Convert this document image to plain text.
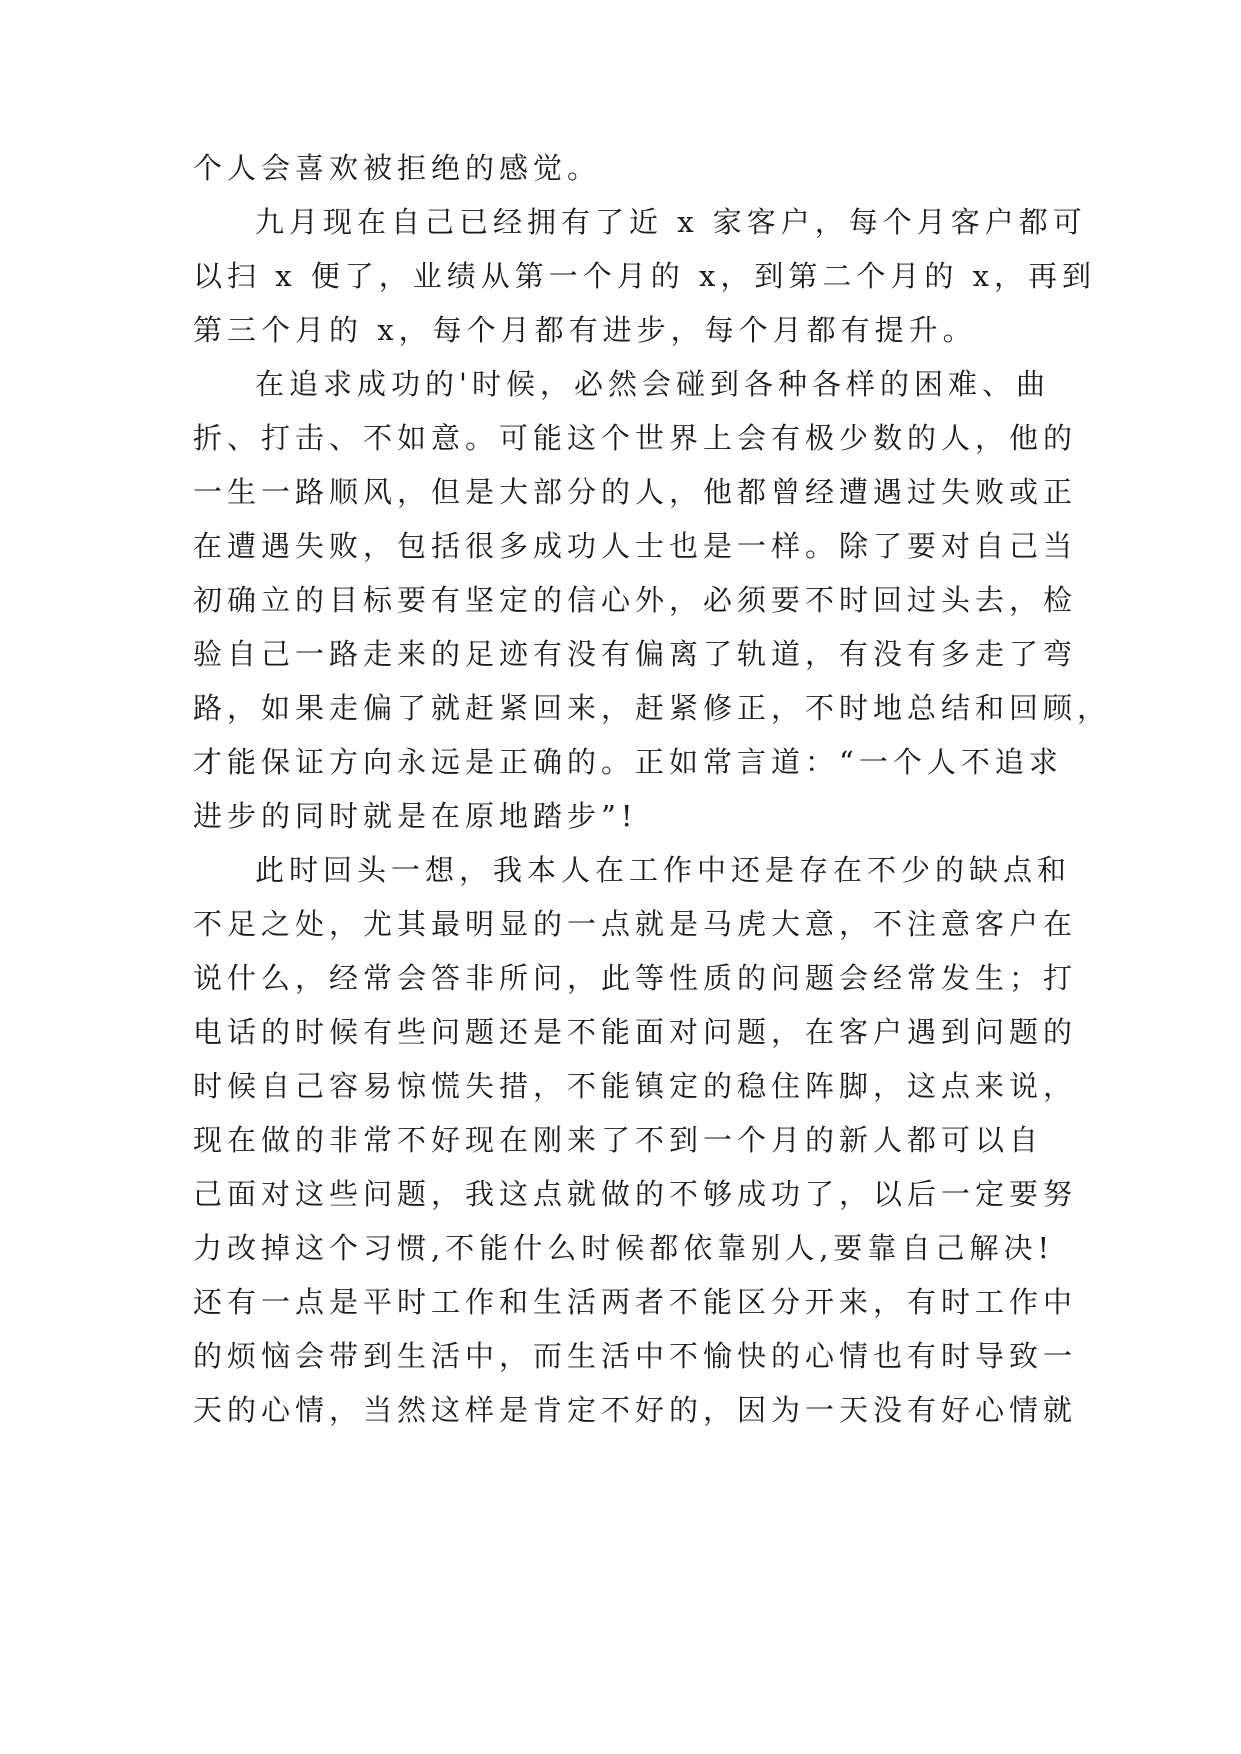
个人会喜欢被拒绝的感觉。
九月现在自己已经拥有了近 x 家客户，每个月客户都可
以扫 x 便了，业绩从第一个月的 x，到第二个月的 x，再到
第三个月的 x，每个月都有进步，每个月都有提升。
在追求成功的'时候，必然会碰到各种各样的困难、曲
折、打击、不如意。可能这个世界上会有极少数的人，他的
一生一路顺风，但是大部分的人，他都曾经遭遇过失败或正
在遭遇失败，包括很多成功人士也是一样。除了要对自己当
初确立的目标要有坚定的信心外，必须要不时回过头去，检
验自己一路走来的足迹有没有偏离了轨道，有没有多走了弯
路，如果走偏了就赶紧回来，赶紧修正，不时地总结和回顾，
才能保证方向永远是正确的。正如常言道：“一个人不追求
进步的同时就是在原地踏步”!
此时回头一想，我本人在工作中还是存在不少的缺点和
不足之处，尤其最明显的一点就是马虎大意，不注意客户在
说什么，经常会答非所问，此等性质的问题会经常发生；打
电话的时候有些问题还是不能面对问题，在客户遇到问题的
时候自己容易惊慌失措，不能镇定的稳住阵脚，这点来说，
现在做的非常不好现在刚来了不到一个月的新人都可以自
己面对这些问题，我这点就做的不够成功了，以后一定要努
力改掉这个习惯,不能什么时候都依靠别人,要靠自己解决!
还有一点是平时工作和生活两者不能区分开来，有时工作中
的烦恼会带到生活中，而生活中不愉快的心情也有时导致一
天的心情，当然这样是肯定不好的，因为一天没有好心情就
